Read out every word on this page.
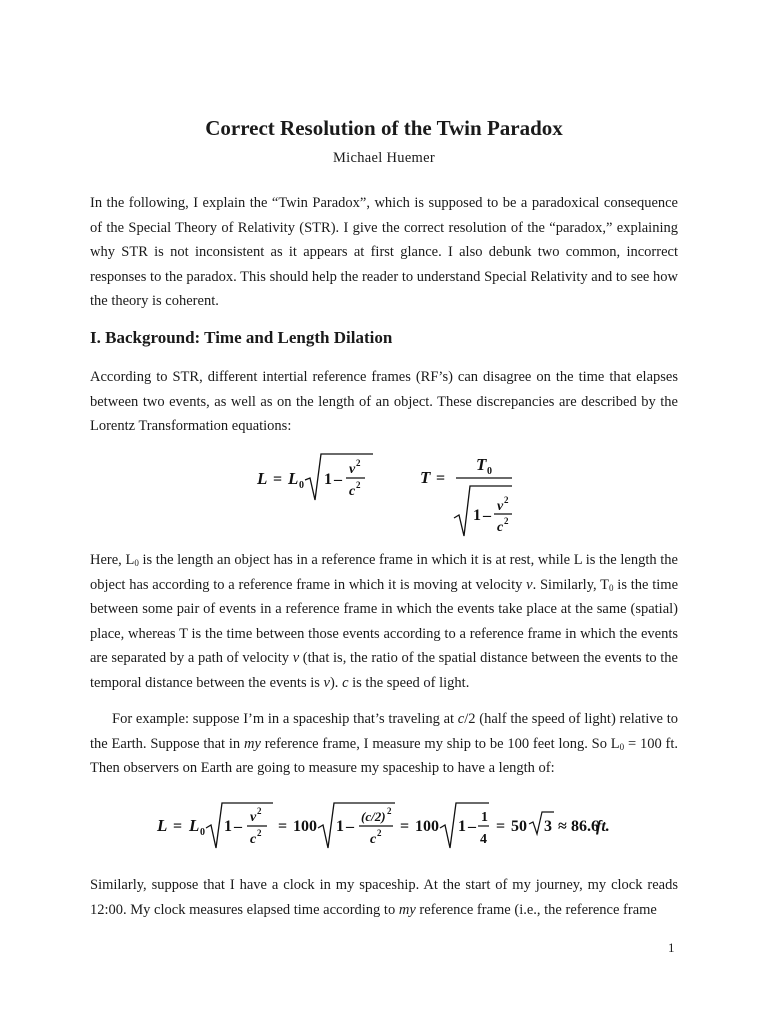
Correct Resolution of the Twin Paradox
Michael Huemer

In the following, I explain the “Twin Paradox”, which is supposed to be a paradoxical consequence of the Special Theory of Relativity (STR). I give the correct resolution of the “paradox,” explaining why STR is not inconsistent as it appears at first glance. I also debunk two common, incorrect responses to the paradox. This should help the reader to understand Special Relativity and to see how the theory is coherent.

I. Background: Time and Length Dilation

According to STR, different intertial reference frames (RF’s) can disagree on the time that elapses between two events, as well as on the length of an object. These discrepancies are described by the Lorentz Transformation equations:

L = L 0 1 –
v 2
c 2	T =
T 0
1 –
v 2
c 2

Here, $L_0$ is the length an object has in a reference frame in which it is at rest, while L is the length the object has according to a reference frame in which it is moving at velocity v. Similarly, $T_0$ is the time between some pair of events in a reference frame in which the events take place at the same (spatial) place, whereas T is the time between those events according to a reference frame in which the events are separated by a path of velocity v (that is, the ratio of the spatial distance between the events to the temporal distance between the events is v). c is the speed of light.

For example: suppose I’m in a spaceship that’s traveling at c/2 (half the speed of light) relative to the Earth. Suppose that in my reference frame, I measure my ship to be 100 feet long. So $L_0 = 100$ ft. Then observers on Earth are going to measure my spaceship to have a length of:

L = L 0 1 –
v 2
c 2 = 100 1 –
(c/2) 2
c 2 = 100 1 –
1
4
= 50 3 ≈ 86.6
ft.

Similarly, suppose that I have a clock in my spaceship. At the start of my journey, my clock reads 12:00. My clock measures elapsed time according to my reference frame (i.e., the reference frame

1
